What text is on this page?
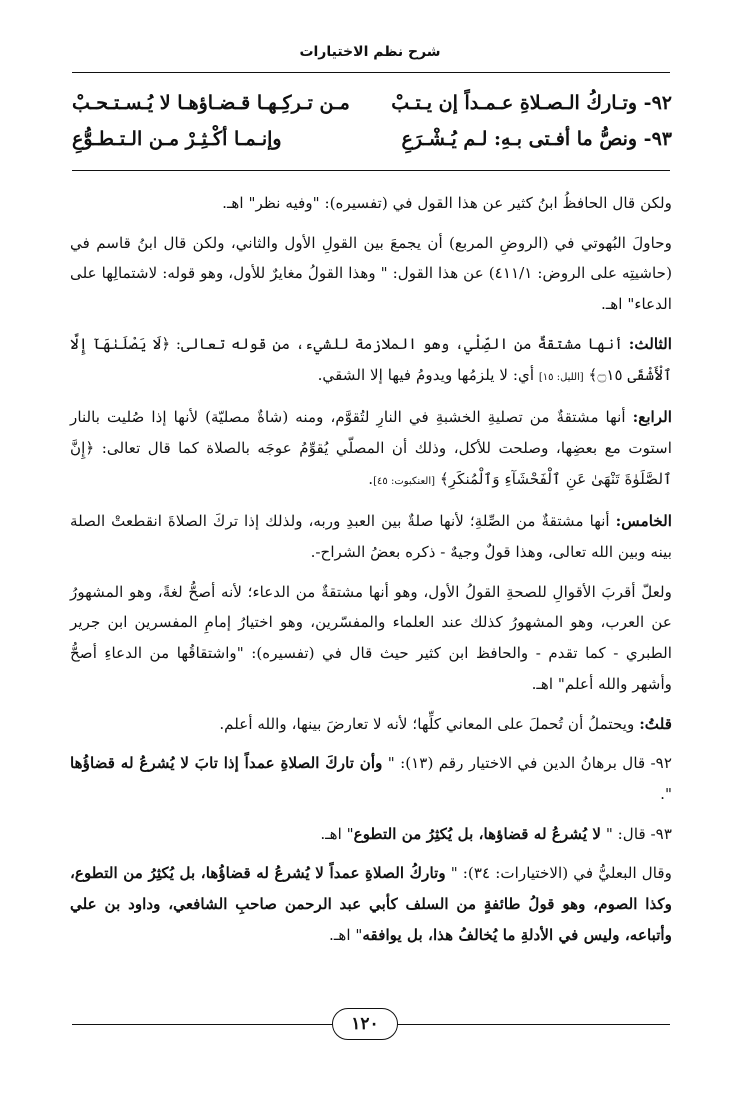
شرح نظم الاختيارات
٩٢- وتـاركُ الـصـلاةِ عـمـداً إن يـتـبْ
مـن تـركِـهـا قـضـاؤهـا لا يُـسـتـحـبْ
٩٣- ونصُّ ما أفـتى بـهِ: لـم يُـشْـرَعِ
وإنـمـا أكْـثِـرْ مـن الـتـطـوُّعِ

ولكن قال الحافظُ ابنُ كثير عن هذا القول في (تفسيره): "وفيه نظر" اهـ.

وحاولَ البُهوتي في (الروضِ المربع) أن يجمعَ بين القولِ الأول والثاني، ولكن قال ابنُ قاسم في (حاشيتِه على الروض: ٤١١/١) عن هذا القول: " وهذا القولُ مغايرٌ للأول، وهو قوله: لاشتمالِها على الدعاء" اهـ.

الثالث: أنها مشتقةٌ من الصِّلْي، وهو الملازمة للشيء، من قوله تعالى: ﴿لَا يَصْلَىٰهَآ إِلَّا ٱلْأَشْقَى ۝١٥﴾ [الليل: ١٥] أي: لا يلزمُها ويدومُ فيها إلا الشقي.

الرابع: أنها مشتقةٌ من تصليةِ الخشبةِ في النارِ لتُقوَّم، ومنه (شاةٌ مصليّة) لأنها إذا صُليت بالنار استوت مع بعضِها، وصلحت للأكل، وذلك أن المصلّي يُقوِّمُ عوجَه بالصلاة كما قال تعالى: ﴿إِنَّ ٱلصَّلَوٰةَ تَنْهَىٰ عَنِ ٱلْفَحْشَآءِ وَٱلْمُنكَرِ﴾ [العنكبوت: ٤٥].

الخامس: أنها مشتقةٌ من الصِّلةِ؛ لأنها صلةٌ بين العبدِ وربه، ولذلك إذا تركَ الصلاةَ انقطعتْ الصلة بينه وبين الله تعالى، وهذا قولٌ وجيهٌ - ذكره بعضُ الشراح-.

ولعلّ أقربَ الأقوالِ للصحةِ القولُ الأول، وهو أنها مشتقةٌ من الدعاء؛ لأنه أصحُّ لغةً، وهو المشهورُ عن العرب، وهو المشهورُ كذلك عند العلماء والمفسّرين، وهو اختيارُ إمامِ المفسرين ابن جرير الطبري - كما تقدم - والحافظ ابن كثير حيث قال في (تفسيره): "واشتقاقُها من الدعاءِ أصحُّ وأشهر والله أعلم" اهـ.

قلتُ: ويحتملُ أن تُحملَ على المعاني كلِّها؛ لأنه لا تعارضَ بينها، والله أعلم.

٩٢- قال برهانُ الدين في الاختيار رقم (١٣): " وأن تاركَ الصلاةِ عمداً إذا تابَ لا يُشرعُ له قضاؤُها ".

٩٣- قال: " لا يُشرعُ له قضاؤها، بل يُكثِرُ من التطوع" اهـ.

وقال البعليُّ في (الاختيارات: ٣٤): " وتاركُ الصلاةِ عمداً لا يُشرعُ له قضاؤُها، بل يُكثِرُ من التطوع، وكذا الصوم، وهو قولُ طائفةٍ من السلف كأبي عبد الرحمن صاحبِ الشافعي، وداود بن علي وأتباعه، وليس في الأدلةِ ما يُخالفُ هذا، بل يوافقه" اهـ.

١٢٠
